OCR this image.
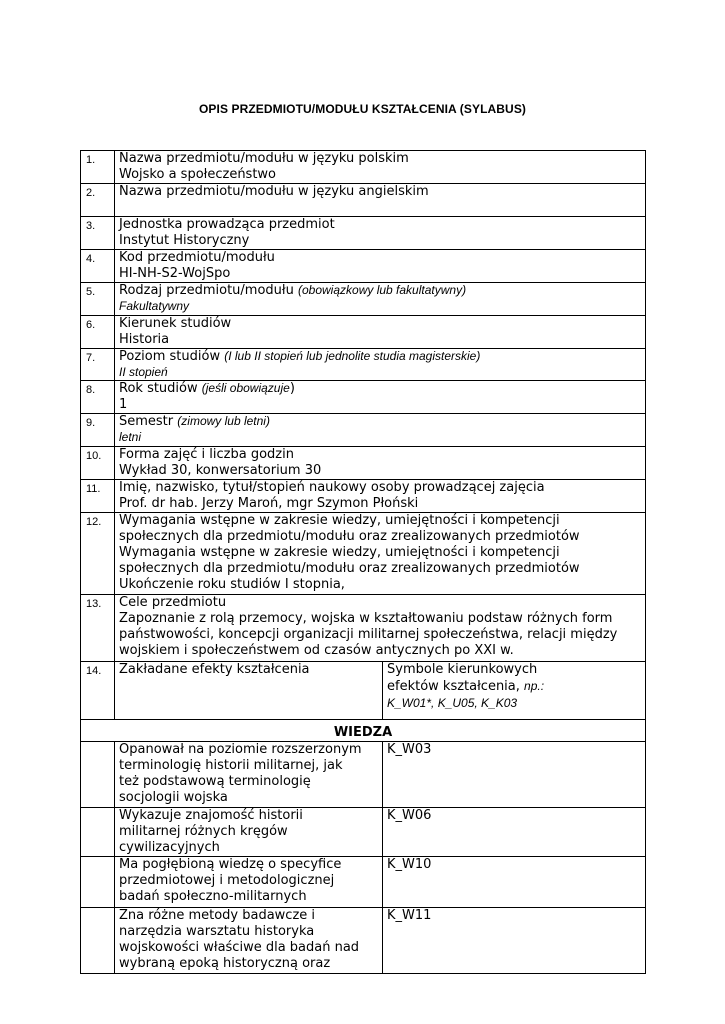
OPIS PRZEDMIOTU/MODUŁU KSZTAŁCENIA (SYLABUS)
1.	Nazwa przedmiotu/modułu w języku polskim
Wojsko a społeczeństwo	

2.	Nazwa przedmiotu/modułu w języku angielskim	

3.	Jednostka prowadząca przedmiot
Instytut Historyczny	

4.	Kod przedmiotu/modułu
HI-NH-S2-WojSpo	

5.	Rodzaj przedmiotu/modułu (obowiązkowy lub fakultatywny)
Fakultatywny	

6.	Kierunek studiów
Historia	

7.	Poziom studiów (I lub II stopień lub jednolite studia magisterskie)
II stopień	

8.	Rok studiów (jeśli obowiązuje)
1	

9.	Semestr (zimowy lub letni)
letni	

10.	Forma zajęć i liczba godzin
Wykład 30, konwersatorium 30	

11.	Imię, nazwisko, tytuł/stopień naukowy osoby prowadzącej zajęcia
Prof. dr hab. Jerzy Maroń, mgr Szymon Płoński	

12.	Wymagania wstępne w zakresie wiedzy, umiejętności i kompetencji
społecznych dla przedmiotu/modułu oraz zrealizowanych przedmiotów
Wymagania wstępne w zakresie wiedzy, umiejętności i kompetencji
społecznych dla przedmiotu/modułu oraz zrealizowanych przedmiotów
Ukończenie roku studiów I stopnia,	

13.	Cele przedmiotu
Zapoznanie z rolą przemocy, wojska w kształtowaniu podstaw różnych form
państwowości, koncepcji organizacji militarnej społeczeństwa, relacji między
wojskiem i społeczeństwem od czasów antycznych po XXI w.	

14.	Zakładane efekty kształcenia	Symbole kierunkowych
efektów kształcenia, np.:
K_W01*, K_U05, K_K03

WIEDZA		

	Opanował na poziomie rozszerzonym
terminologię historii militarnej, jak
też podstawową terminologię
socjologii wojska	K_W03

	Wykazuje znajomość historii
militarnej różnych kręgów
cywilizacyjnych	K_W06

	Ma pogłębioną wiedzę o specyfice
przedmiotowej i metodologicznej
badań społeczno-militarnych	K_W10

	Zna różne metody badawcze i
narzędzia warsztatu historyka
wojskowości właściwe dla badań nad
wybraną epoką historyczną oraz	K_W11
